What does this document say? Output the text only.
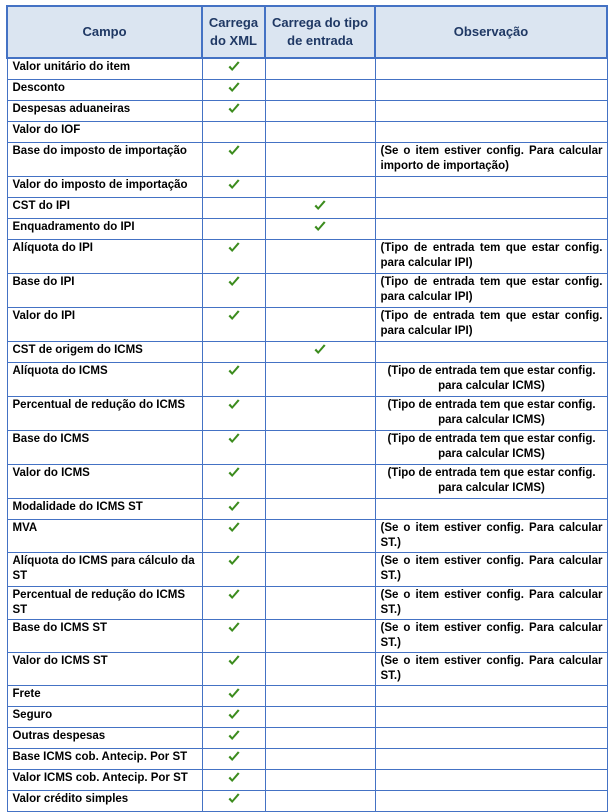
Campo	Carrega do XML	Carrega do tipo de entrada	Observação
Valor unitário do item			
Desconto			
Despesas aduaneiras			
Valor do IOF			
Base do imposto de importação			(Se o item estiver config. Para calcular importo de importação)
Valor do imposto de importação			
CST do IPI			
Enquadramento do IPI			
Alíquota do IPI			(Tipo de entrada tem que estar config. para calcular IPI)
Base do IPI			(Tipo de entrada tem que estar config. para calcular IPI)
Valor do IPI			(Tipo de entrada tem que estar config. para calcular IPI)
CST de origem do ICMS			
Alíquota do ICMS			(Tipo de entrada tem que estar config. para calcular ICMS)
Percentual de redução do ICMS			(Tipo de entrada tem que estar config. para calcular ICMS)
Base do ICMS			(Tipo de entrada tem que estar config. para calcular ICMS)
Valor do ICMS			(Tipo de entrada tem que estar config. para calcular ICMS)
Modalidade do ICMS ST			
MVA			(Se o item estiver config. Para calcular ST.)
Alíquota do ICMS para cálculo da ST			(Se o item estiver config. Para calcular ST.)
Percentual de redução do ICMS ST			(Se o item estiver config. Para calcular ST.)
Base do ICMS ST			(Se o item estiver config. Para calcular ST.)
Valor do ICMS ST			(Se o item estiver config. Para calcular ST.)
Frete			
Seguro			
Outras despesas			
Base ICMS cob. Antecip. Por ST			
Valor ICMS cob. Antecip. Por ST			
Valor crédito simples			
